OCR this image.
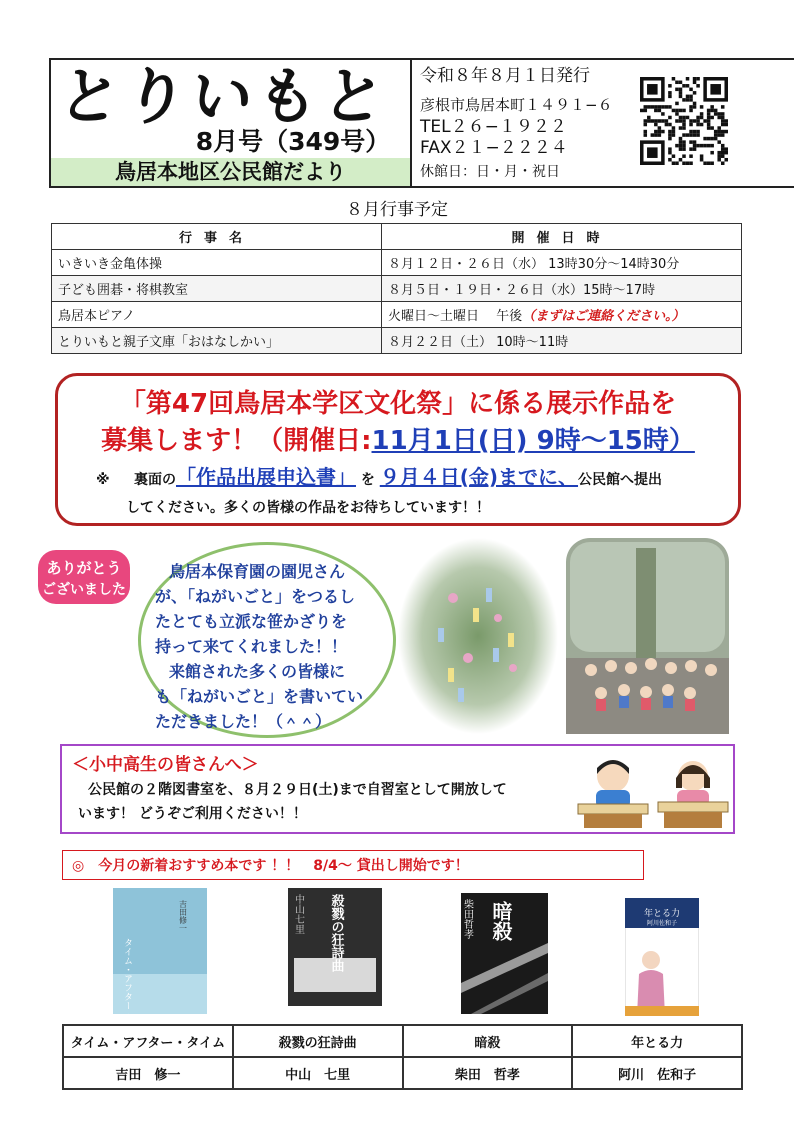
とりいもと
8月号（349号）
鳥居本地区公民館だより
令和８年８月１日発行
彦根市鳥居本町１４９１−６
TEL２６−１９２２
FAX２１−２２２４
休館日：日・月・祝日
８月行事予定
行事名	開催日時
いきいき金亀体操	８月１２日・２６日（水） 13時30分〜14時30分
子ども囲碁・将棋教室	８月５日・１９日・２６日（水）15時〜17時
鳥居本ピアノ	火曜日〜土曜日　 午後（まずはご連絡ください。）
とりいもと親子文庫「おはなしかい」	８月２２日（土） 10時〜11時
「第47回鳥居本学区文化祭」に係る展示作品を
募集します！（開催日:11月1日(日) 9時〜15時）
※ 裏面の「作品出展申込書」 を ９月４日(金)までに、公民館へ提出
してください。多くの皆様の作品をお待ちしています！！
ありがとう
ございました
鳥居本保育園の園児さん
が、「ねがいごと」をつるし
たとても立派な笹かざりを
持って来てくれました！！
来館された多くの皆様に
も「ねがいごと」を書いてい
ただきました！（＾＾）
＜小中高生の皆さんへ＞
公民館の２階図書室を、８月２９日(土)まで自習室として開放して
います！ どうぞご利用ください！！
◎　今月の新着おすすめ本です ！！　8/4〜 貸出し開始です！
吉田修一
タイム・アフター・タイム
中山七里 殺戮の狂詩曲	柴田哲孝 暗殺	年とる力
阿川佐和子
タイム・アフター・タイム	殺戮の狂詩曲	暗殺	年とる力
吉田　修一	中山　七里	柴田　哲孝	阿川　佐和子
